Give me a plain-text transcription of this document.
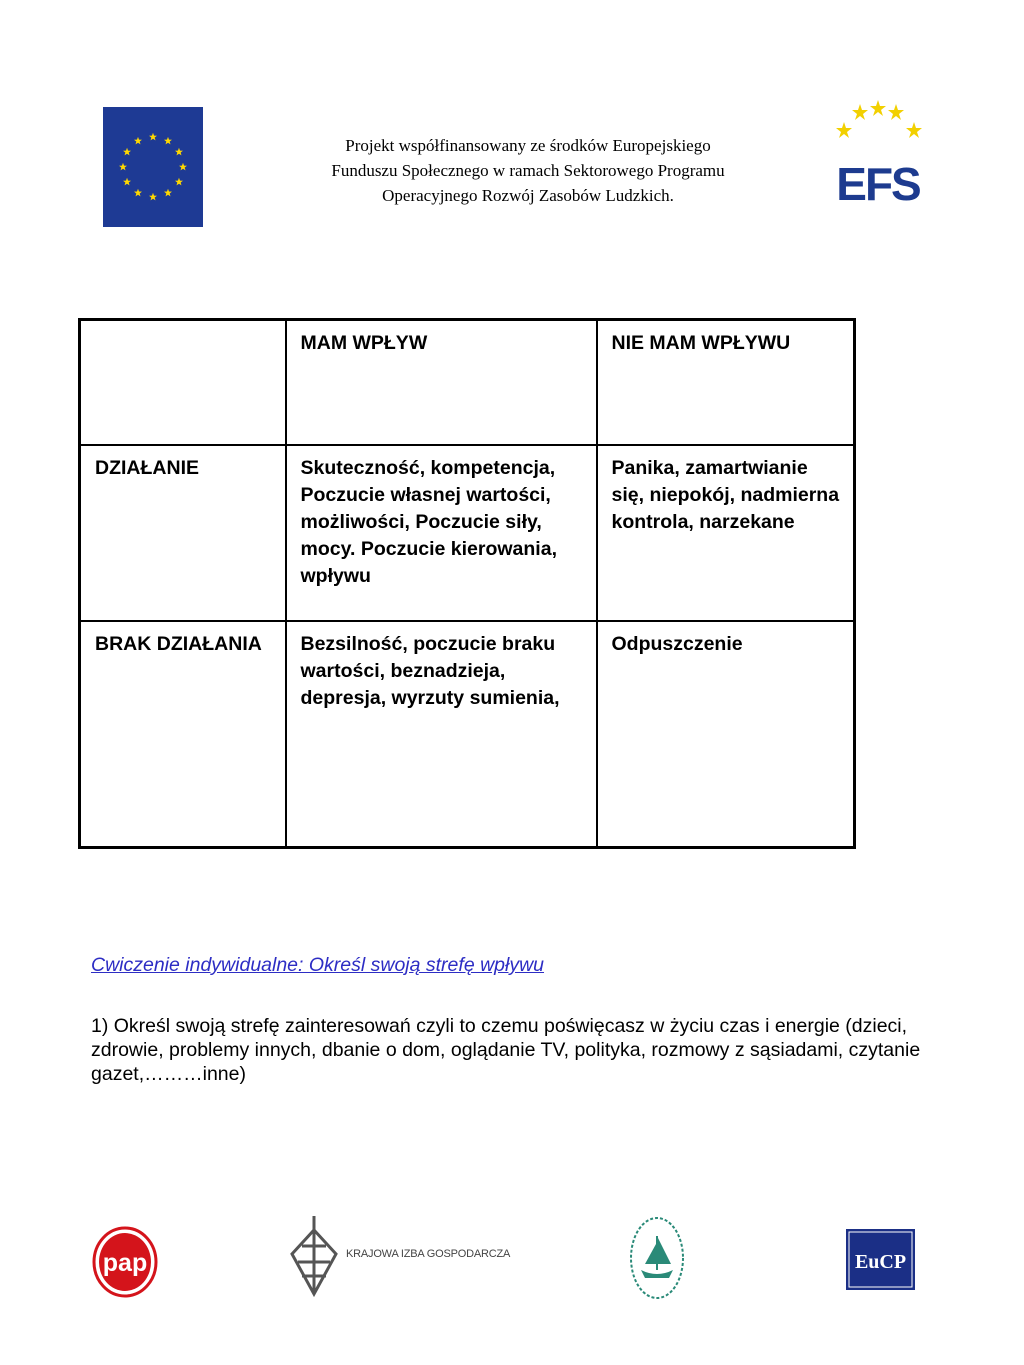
Projekt współfinansowany ze środków Europejskiego
Funduszu Społecznego w ramach Sektorowego Programu
Operacyjnego Rozwój Zasobów Ludzkich.	EFS
	MAM WPŁYW	NIE MAM WPŁYWU
DZIAŁANIE	Skuteczność, kompetencja, Poczucie własnej wartości, możliwości, Poczucie siły, mocy. Poczucie kierowania, wpływu	Panika, zamartwianie się, niepokój, nadmierna kontrola, narzekane
BRAK DZIAŁANIA	Bezsilność, poczucie braku wartości, beznadzieja, depresja, wyrzuty sumienia,	Odpuszczenie
Cwiczenie indywidualne: Określ swoją strefę wpływu
1) Określ swoją strefę zainteresowań czyli to czemu poświęcasz w życiu czas i energie (dzieci, zdrowie, problemy innych, dbanie o dom, oglądanie TV, polityka, rozmowy z sąsiadami, czytanie gazet,………inne)
pap	KRAJOWA IZBA GOSPODARCZA	EuCP
